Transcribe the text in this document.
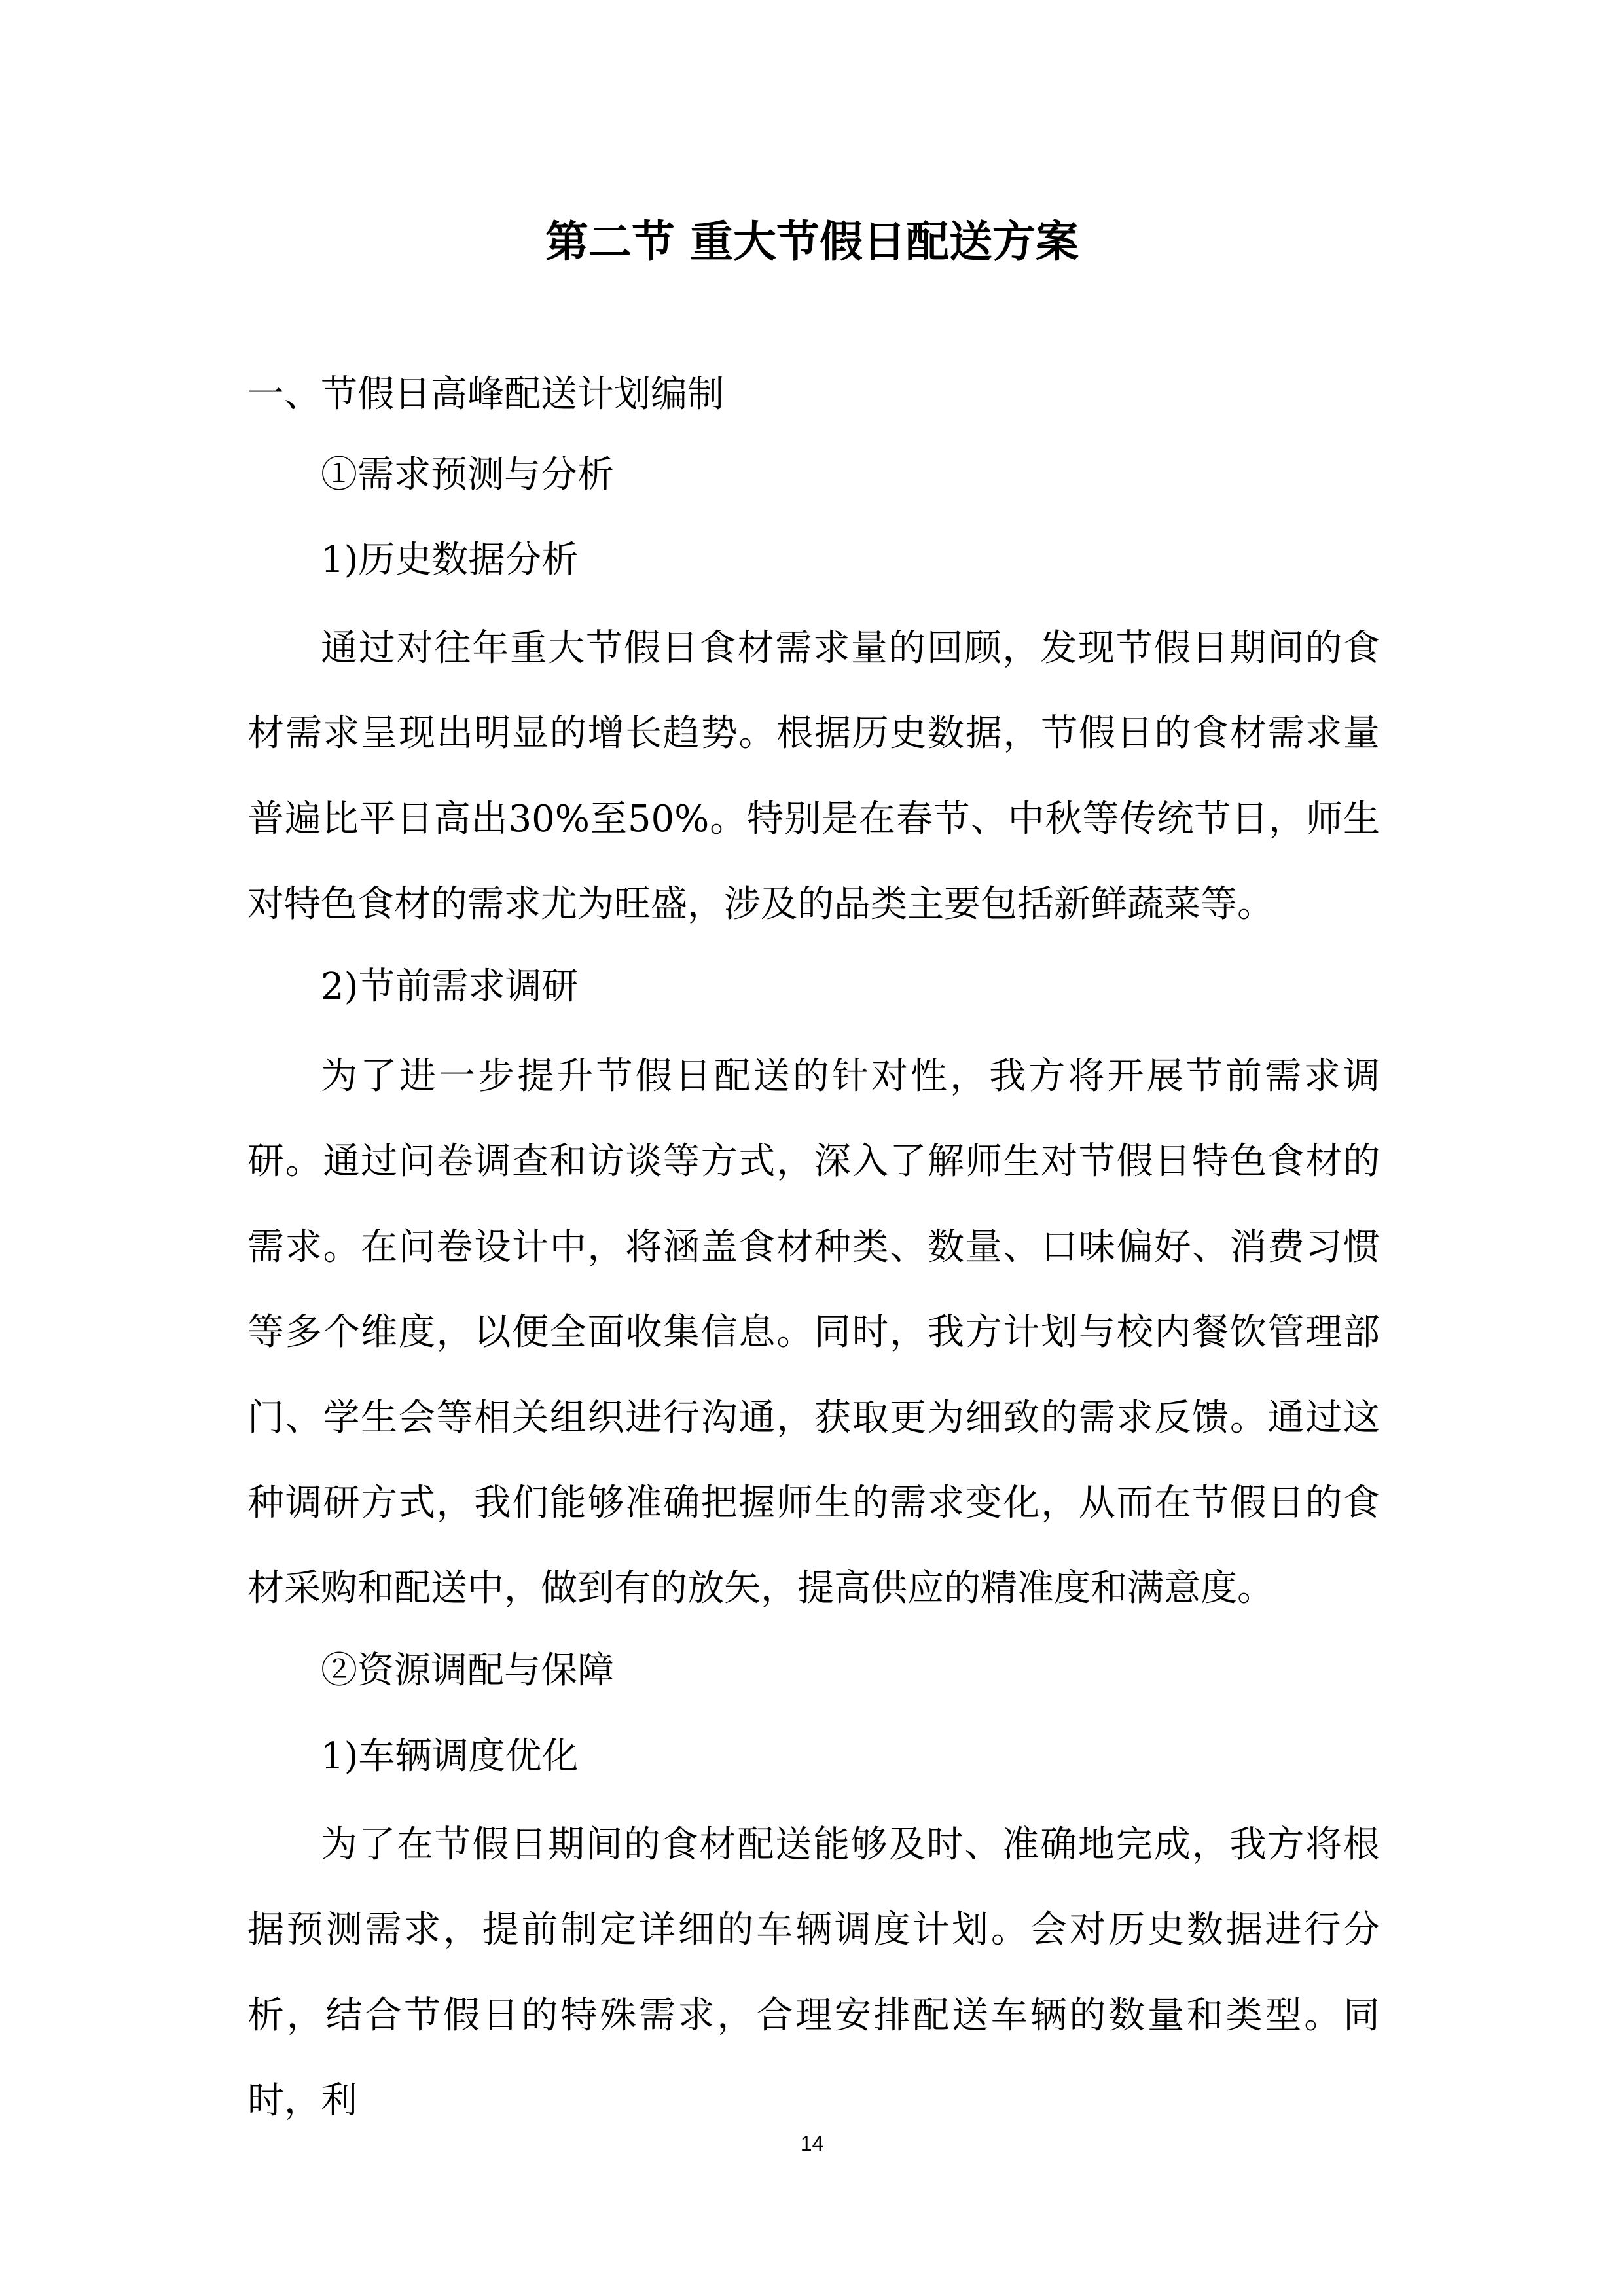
第二节 重大节假日配送方案

一、节假日高峰配送计划编制

①需求预测与分析

1)历史数据分析

通过对往年重大节假日食材需求量的回顾，发现节假日期间的食材需求呈现出明显的增长趋势。根据历史数据，节假日的食材需求量普遍比平日高出30%至50%。特别是在春节、中秋等传统节日，师生对特色食材的需求尤为旺盛，涉及的品类主要包括新鲜蔬菜等。

2)节前需求调研

为了进一步提升节假日配送的针对性，我方将开展节前需求调研。通过问卷调查和访谈等方式，深入了解师生对节假日特色食材的需求。在问卷设计中，将涵盖食材种类、数量、口味偏好、消费习惯等多个维度，以便全面收集信息。同时，我方计划与校内餐饮管理部门、学生会等相关组织进行沟通，获取更为细致的需求反馈。通过这种调研方式，我们能够准确把握师生的需求变化，从而在节假日的食材采购和配送中，做到有的放矢，提高供应的精准度和满意度。

②资源调配与保障

1)车辆调度优化

为了在节假日期间的食材配送能够及时、准确地完成，我方将根据预测需求，提前制定详细的车辆调度计划。会对历史数据进行分析，结合节假日的特殊需求，合理安排配送车辆的数量和类型。同时，利

14
